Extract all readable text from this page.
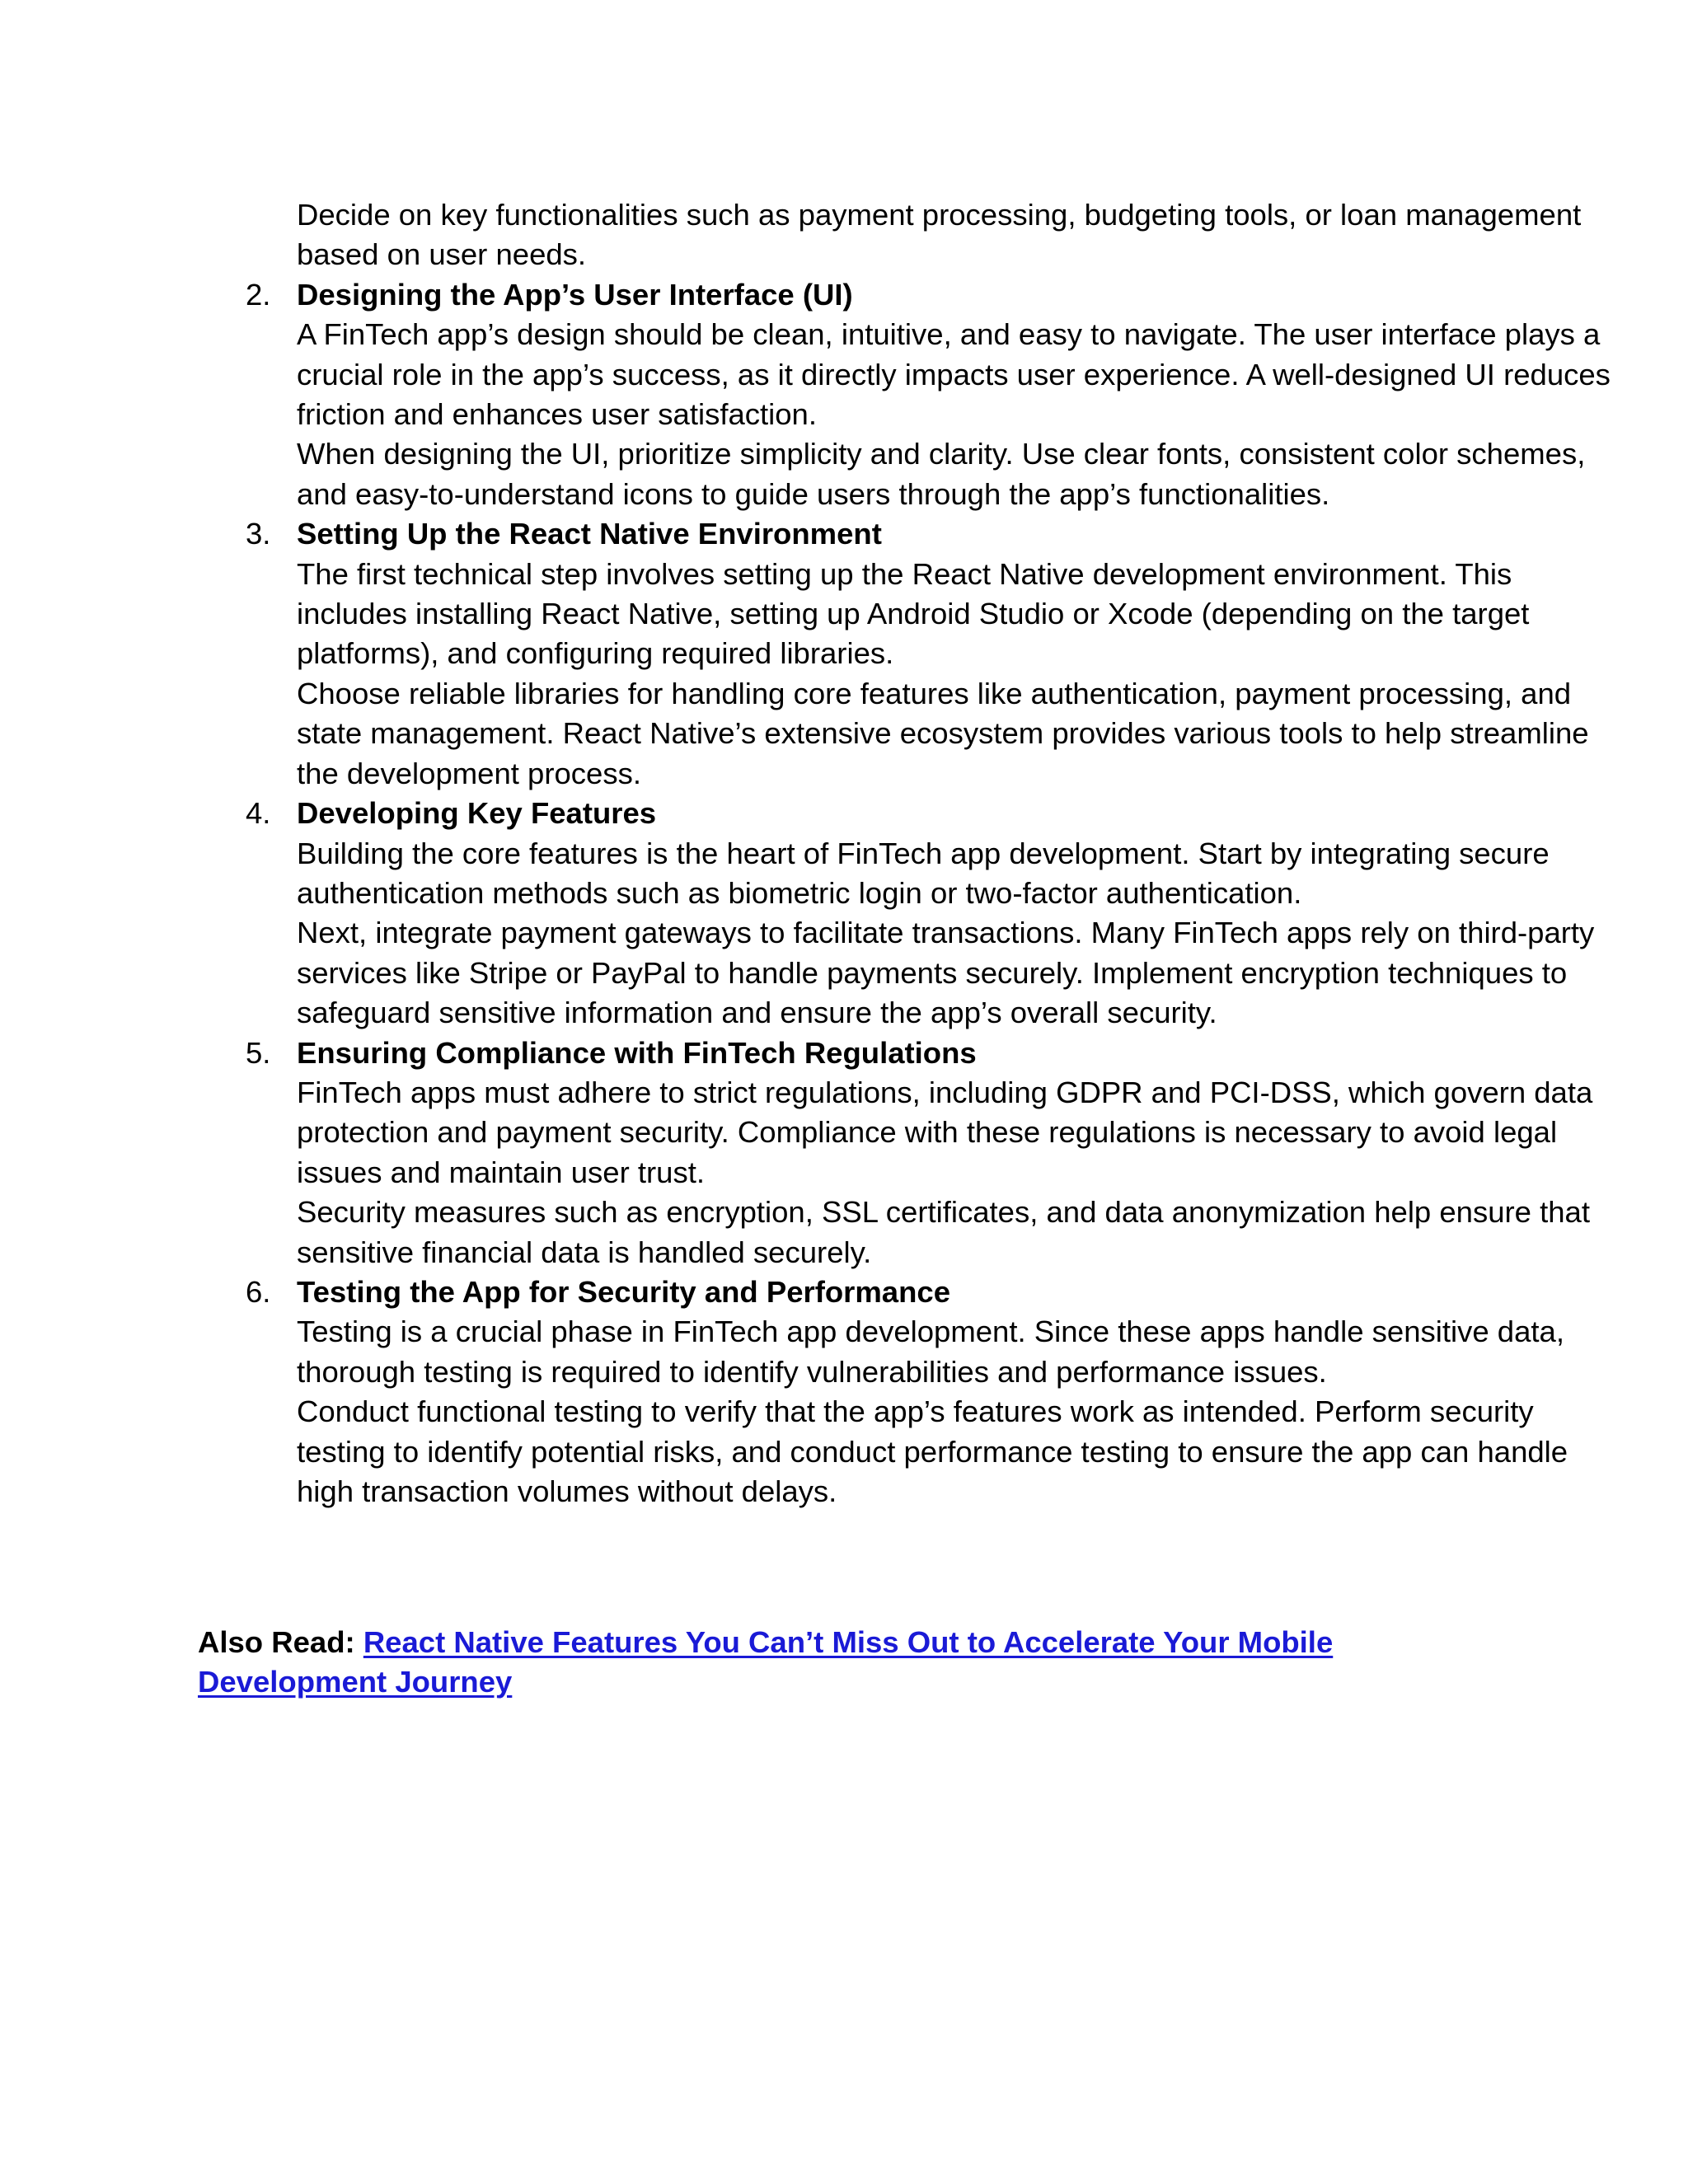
Decide on key functionalities such as payment processing, budgeting tools, or loan management based on user needs.

2. Designing the App’s User Interface (UI)

A FinTech app’s design should be clean, intuitive, and easy to navigate. The user interface plays a crucial role in the app’s success, as it directly impacts user experience. A well-designed UI reduces friction and enhances user satisfaction.

When designing the UI, prioritize simplicity and clarity. Use clear fonts, consistent color schemes, and easy-to-understand icons to guide users through the app’s functionalities.

3. Setting Up the React Native Environment

The first technical step involves setting up the React Native development environment. This includes installing React Native, setting up Android Studio or Xcode (depending on the target platforms), and configuring required libraries.

Choose reliable libraries for handling core features like authentication, payment processing, and state management. React Native’s extensive ecosystem provides various tools to help streamline the development process.

4. Developing Key Features

Building the core features is the heart of FinTech app development. Start by integrating secure authentication methods such as biometric login or two-factor authentication.

Next, integrate payment gateways to facilitate transactions. Many FinTech apps rely on third-party services like Stripe or PayPal to handle payments securely. Implement encryption techniques to safeguard sensitive information and ensure the app’s overall security.

5. Ensuring Compliance with FinTech Regulations

FinTech apps must adhere to strict regulations, including GDPR and PCI-DSS, which govern data protection and payment security. Compliance with these regulations is necessary to avoid legal issues and maintain user trust.

Security measures such as encryption, SSL certificates, and data anonymization help ensure that sensitive financial data is handled securely.

6. Testing the App for Security and Performance

Testing is a crucial phase in FinTech app development. Since these apps handle sensitive data, thorough testing is required to identify vulnerabilities and performance issues.

Conduct functional testing to verify that the app’s features work as intended. Perform security testing to identify potential risks, and conduct performance testing to ensure the app can handle high transaction volumes without delays.

Also Read: React Native Features You Can’t Miss Out to Accelerate Your Mobile Development Journey
